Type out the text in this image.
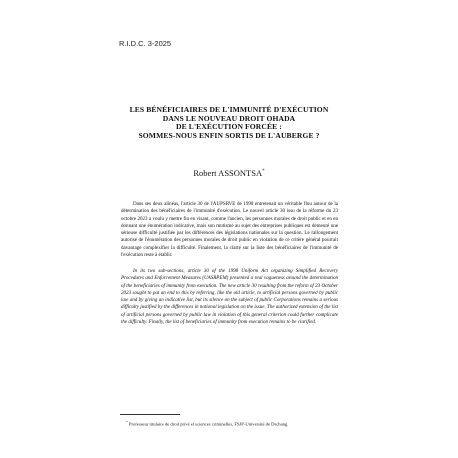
R.I.D.C. 3-2025
LES BÉNÉFICIAIRES DE L'IMMUNITÉ D'EXÉCUTION
DANS LE NOUVEAU DROIT OHADA
DE L'EXÉCUTION FORCÉE :
SOMMES-NOUS ENFIN SORTIS DE L'AUBERGE ?
Robert ASSONTSA*

Dans ses deux alinéas, l'article 30 de l'AUPSRVE de 1998 entretenait un véritable flou autour de la détermination des bénéficiaires de l'immunité d'exécution. Le nouvel article 30 issu de la réforme du 23 octobre 2023 a voulu y mettre fin en visant, comme l'ancien, les personnes morales de droit public et en en donnant une énumération indicative, mais son mutisme au sujet des entreprises publiques est demeuré une sérieuse difficulté justifiée par les différences des législations nationales sur la question. Le rallongement autorisé de l'énumération des personnes morales de droit public en violation de ce critère général pourrait davantage complexifier la difficulté. Finalement, la clarté sur la liste des bénéficiaires de l'immunité de l'exécution reste à établir.

In its two sub-sections, article 30 of the 1998 Uniform Act organizing Simplified Recovery Procedures and Enforcement Measures (UASRPEM) presented a real vagueness around the determination of the beneficiaries of immunity from execution. The new article 30 resulting from the reform of 23 October 2023 sought to put an end to this by referring, like the old article, to artificial persons governed by public law and by giving an indicative list, but its silence on the subject of public Corporations remains a serious difficulty justified by the differences in national legislation on the issue. The authorized extension of the list of artificial persons governed by public law in violation of this general criterion could further complicate the difficulty. Finally, the list of beneficiaries of immunity from execution remains to be clarified.

* Professeur titulaire de droit privé et sciences criminelles, FSJP-Université de Dschang.
